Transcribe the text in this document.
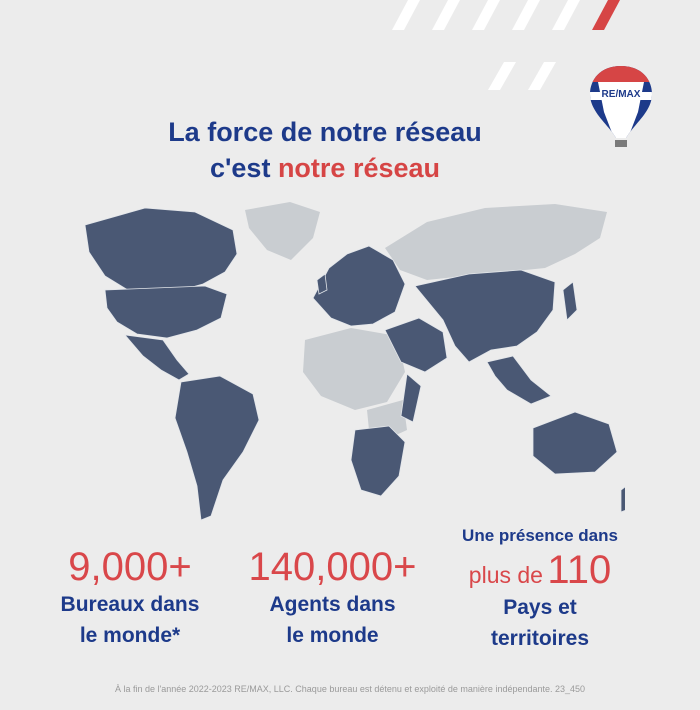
RE/MAX
La force de notre réseau
c'est notre réseau
9,000+
Bureaux dans
le monde*
140,000+
Agents dans
le monde
Une présence dans
plus de 110
Pays et
territoires
À la fin de l'année 2022-2023 RE/MAX, LLC. Chaque bureau est détenu et exploité de manière indépendante. 23_450
